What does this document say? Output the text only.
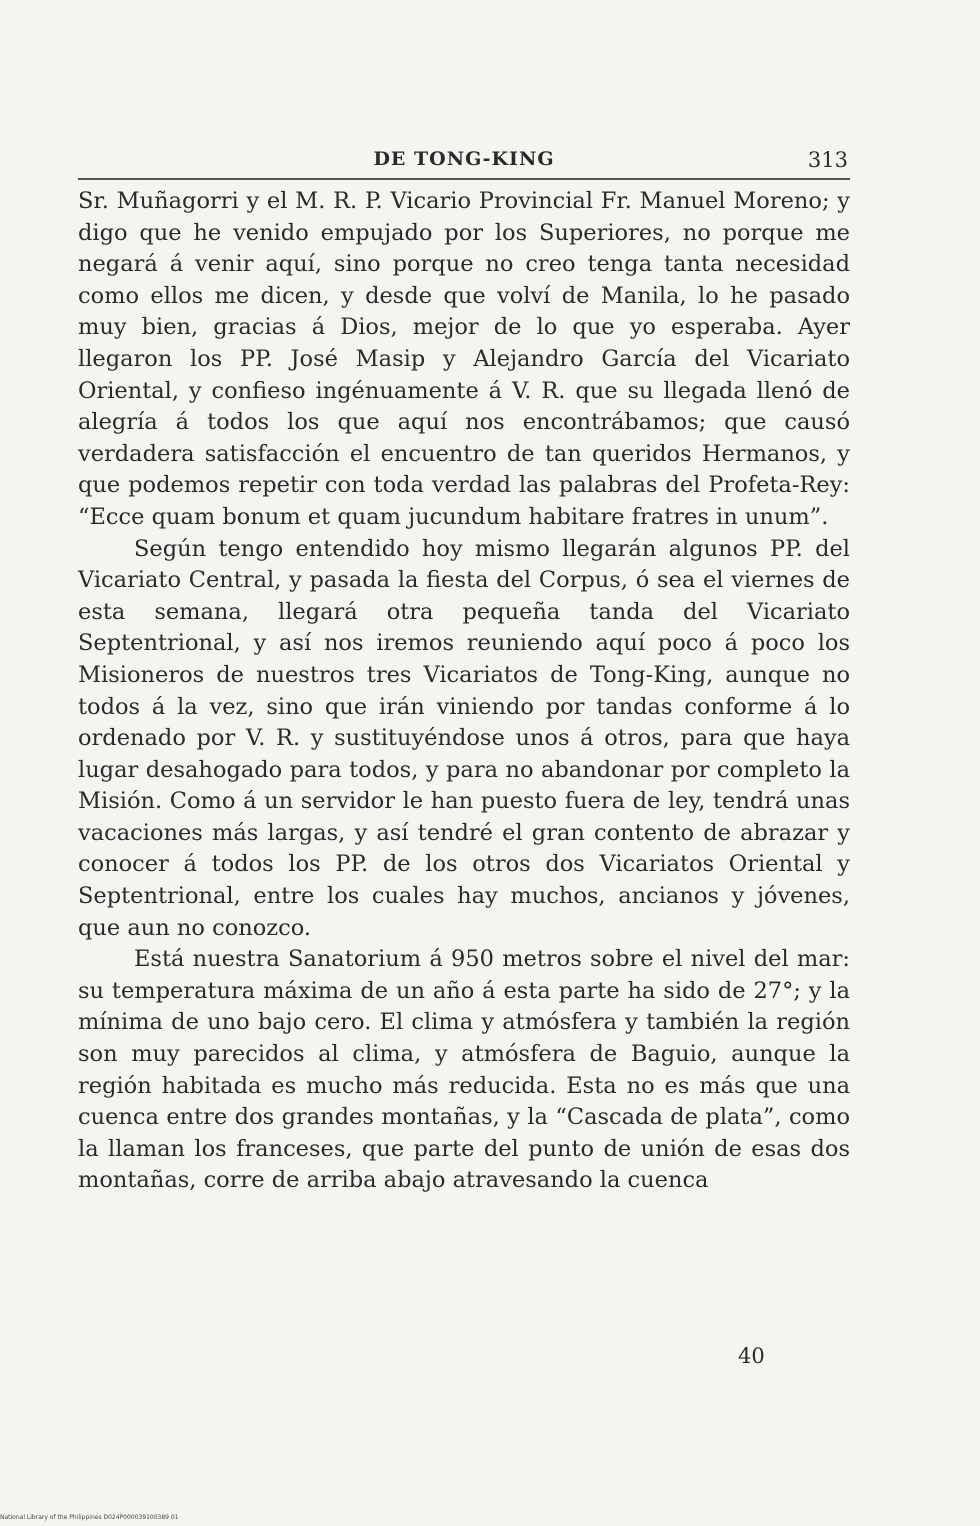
DE TONG-KING	313

Sr. Muñagorri y el M. R. P. Vicario Provincial Fr. Manuel Moreno; y digo que he venido empujado por los Superiores, no porque me negará á venir aquí, sino porque no creo tenga tanta necesidad como ellos me dicen, y desde que volví de Manila, lo he pasado muy bien, gracias á Dios, mejor de lo que yo esperaba. Ayer llegaron los PP. José Masip y Alejandro García del Vicariato Oriental, y confieso ingénuamente á V. R. que su llegada llenó de alegría á todos los que aquí nos encontrábamos; que causó verdadera satisfacción el encuentro de tan queridos Hermanos, y que podemos repetir con toda verdad las palabras del Profeta-Rey: “Ecce quam bonum et quam jucundum habitare fratres in unum”.

Según tengo entendido hoy mismo llegarán algunos PP. del Vicariato Central, y pasada la fiesta del Corpus, ó sea el viernes de esta semana, llegará otra pequeña tanda del Vicariato Septentrional, y así nos iremos reuniendo aquí poco á poco los Misioneros de nuestros tres Vicariatos de Tong-King, aunque no todos á la vez, sino que irán viniendo por tandas conforme á lo ordenado por V. R. y sustituyéndose unos á otros, para que haya lugar desahogado para todos, y para no abandonar por completo la Misión. Como á un servidor le han puesto fuera de ley, tendrá unas vacaciones más largas, y así tendré el gran contento de abrazar y conocer á todos los PP. de los otros dos Vicariatos Oriental y Septentrional, entre los cuales hay muchos, ancianos y jóvenes, que aun no conozco.

Está nuestra Sanatorium á 950 metros sobre el nivel del mar: su temperatura máxima de un año á esta parte ha sido de 27°; y la mínima de uno bajo cero. El clima y atmósfera y también la región son muy parecidos al clima, y atmósfera de Baguio, aunque la región habitada es mucho más reducida. Esta no es más que una cuenca entre dos grandes montañas, y la “Cascada de plata”, como la llaman los franceses, que parte del punto de unión de esas dos montañas, corre de arriba abajo atravesando la cuenca

40
National Library of the Philippines D024P000039100389 01
